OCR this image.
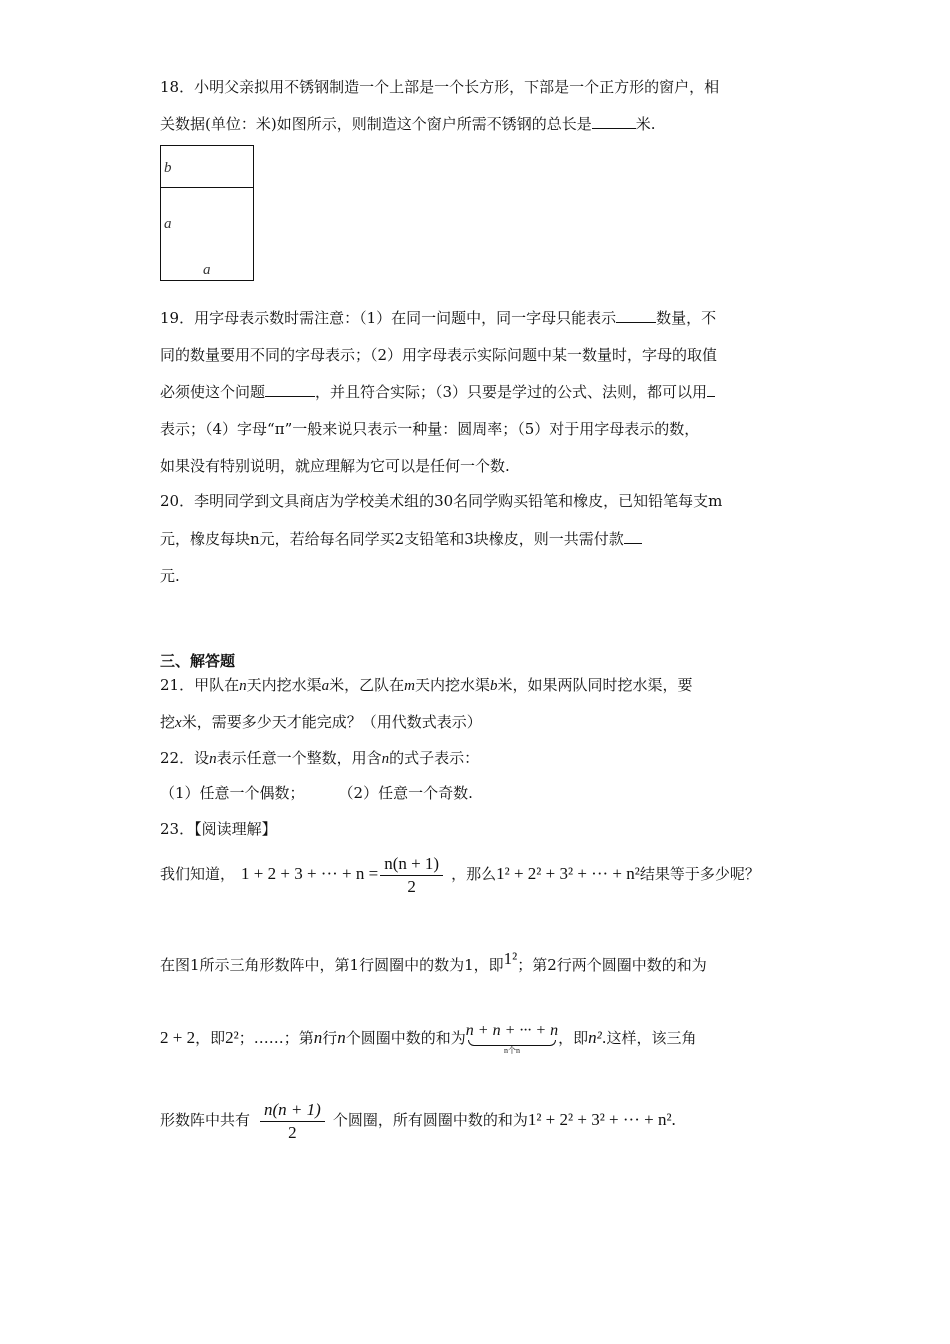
18．小明父亲拟用不锈钢制造一个上部是一个长方形，下部是一个正方形的窗户，相
关数据(单位：米)如图所示，则制造这个窗户所需不锈钢的总长是	米.
b
a
a
19．用字母表示数时需注意：（1）在同一问题中，同一字母只能表示	数量，不
同的数量要用不同的字母表示；（2）用字母表示实际问题中某一数量时，字母的取值
必须使这个问题	，并且符合实际；（3）只要是学过的公式、法则，都可以用
表示；（4）字母“π”一般来说只表示一种量：圆周率；（5）对于用字母表示的数，
如果没有特别说明，就应理解为它可以是任何一个数.
20．李明同学到文具商店为学校美术组的30名同学购买铅笔和橡皮，已知铅笔每支m
元，橡皮每块n元，若给每名同学买2支铅笔和3块橡皮，则一共需付款
元.
三、解答题
21．甲队在n天内挖水渠a米，乙队在m天内挖水渠b米，如果两队同时挖水渠，要
挖x米，需要多少天才能完成？（用代数式表示）
22．设n表示任意一个整数，用含n的式子表示：
（1）任意一个偶数； （2）任意一个奇数.
23．【阅读理解】
我们知道， 1 + 2 + 3 + ··· + $n = \frac{n(n + 1)}{2}$ ，那么1² + 2² + 3² + ··· + n²结果等于多少呢？
在图1所示三角形数阵中，第1行圆圈中的数为1，即1²；第2行两个圆圈中数的和为
2 + 2，即2²；……；第n行n个圆圈中数的和为 n + n + ··· + n
n个n
，即n².这样，该三角
形数阵中共有 $\frac{n(n + 1)}{2}$ 个圆圈，所有圆圈中数的和为1² + 2² + 3² + ··· + n².
